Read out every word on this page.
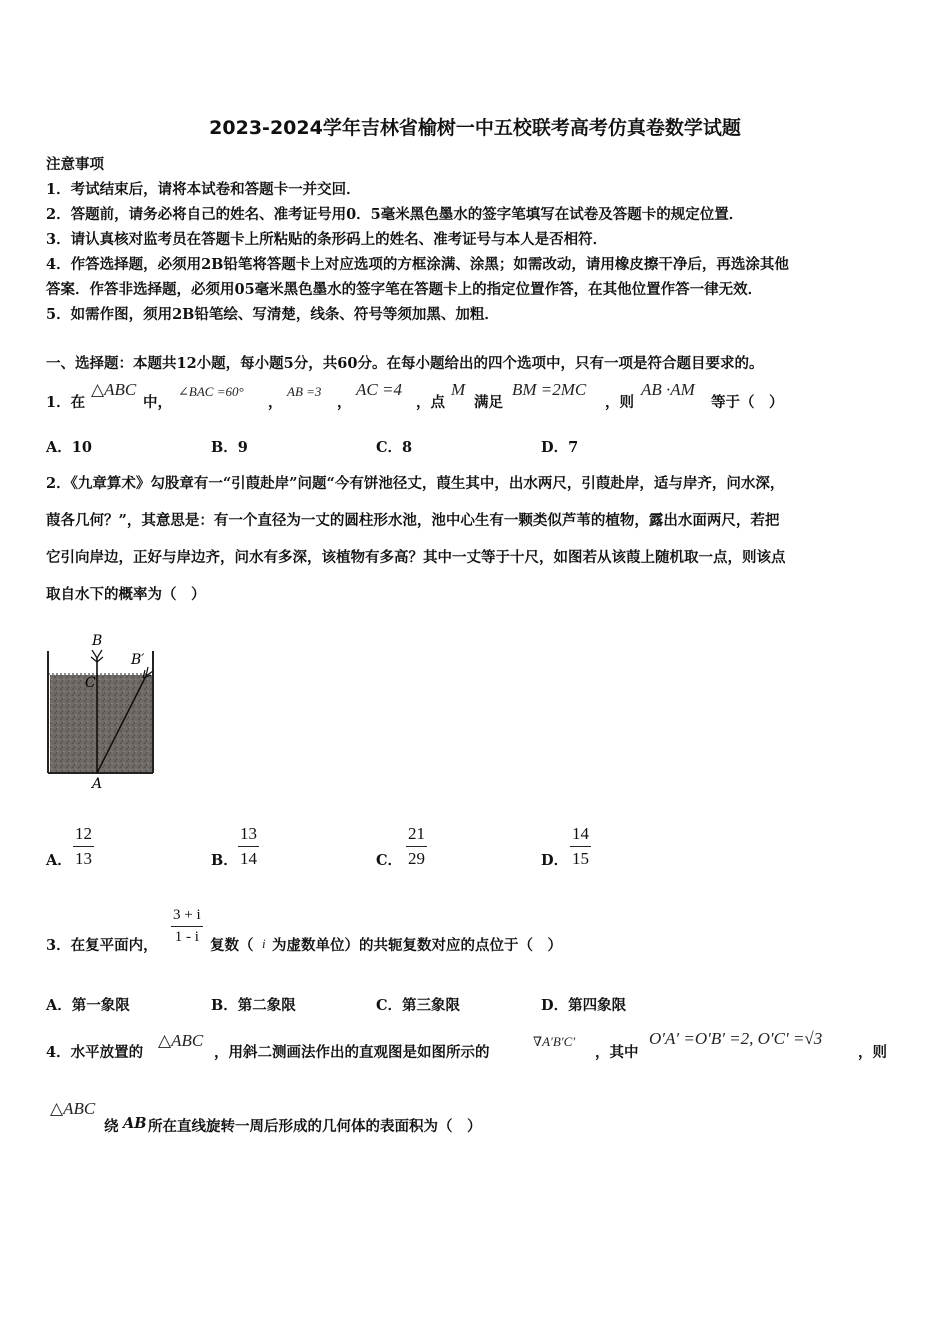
2023-2024学年吉林省榆树一中五校联考高考仿真卷数学试题
注意事项
1．考试结束后，请将本试卷和答题卡一并交回．
2．答题前，请务必将自己的姓名、准考证号用0．5毫米黑色墨水的签字笔填写在试卷及答题卡的规定位置．
3．请认真核对监考员在答题卡上所粘贴的条形码上的姓名、准考证号与本人是否相符．
4．作答选择题，必须用2B铅笔将答题卡上对应选项的方框涂满、涂黑；如需改动，请用橡皮擦干净后，再选涂其他
答案．作答非选择题，必须用05毫米黑色墨水的签字笔在答题卡上的指定位置作答，在其他位置作答一律无效．
5．如需作图，须用2B铅笔绘、写清楚，线条、符号等须加黑、加粗．
一、选择题：本题共12小题，每小题5分，共60分。在每小题给出的四个选项中，只有一项是符合题目要求的。
1．在
△ABC
中，
∠BAC =60°
，
AB =3
，
AC =4
，点
M
满足
BM =2MC
，则
AB ·AM
等于（　）
A．10	B．9	C．8	D．7
2．《九章算术》勾股章有一“引葭赴岸”问题“今有饼池径丈，葭生其中，出水两尺，引葭赴岸，适与岸齐，问水深，
葭各几何？”，其意思是：有一个直径为一丈的圆柱形水池，池中心生有一颗类似芦苇的植物，露出水面两尺，若把
它引向岸边，正好与岸边齐，问水有多深，该植物有多高？其中一丈等于十尺，如图若从该葭上随机取一点，则该点
取自水下的概率为（　）
B
B′
C
A
A．
12
13	B．
13
14	C．
21
29	D．
14
15
3．在复平面内，
3 + i
1 - i 复数（ i 为虚数单位）的共轭复数对应的点位于（　）
A．第一象限	B．第二象限	C．第三象限	D．第四象限
4．水平放置的
△ABC
，用斜二测画法作出的直观图是如图所示的
∇A′B′C′
，其中
O′A′ =O′B′ =2, O′C′ =√3
，则
△ABC
绕 AB 所在直线旋转一周后形成的几何体的表面积为（　）
